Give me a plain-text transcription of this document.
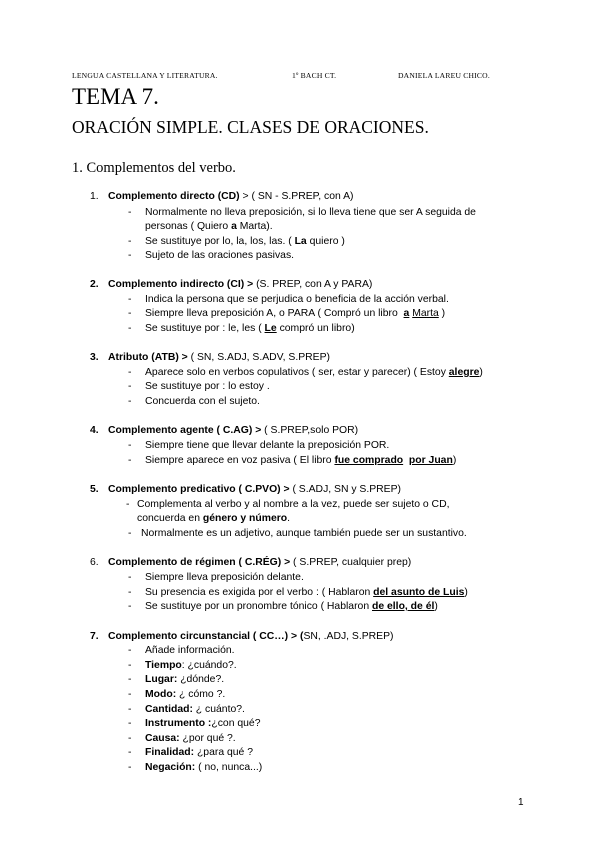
LENGUA CASTELLANA Y LITERATURA.	1º BACH CT.	DANIELA LAREU CHICO.
TEMA 7.
ORACIÓN SIMPLE. CLASES DE ORACIONES.
1. Complementos del verbo.
1. Complemento directo (CD) > ( SN - S.PREP, con A)
- Normalmente no lleva preposición, si lo lleva tiene que ser A seguida de
personas ( Quiero a Marta).
- Se sustituye por lo, la, los, las. ( La quiero )
- Sujeto de las oraciones pasivas.
2. Complemento indirecto (CI) > (S. PREP, con A y PARA)
- Indica la persona que se perjudica o beneficia de la acción verbal.
- Siempre lleva preposición A, o PARA ( Compró un libro  a Marta )
- Se sustituye por : le, les ( Le compró un libro)
3. Atributo (ATB) > ( SN, S.ADJ, S.ADV, S.PREP)
- Aparece solo en verbos copulativos ( ser, estar y parecer) ( Estoy alegre)
- Se sustituye por : lo estoy .
- Concuerda con el sujeto.
4. Complemento agente ( C.AG) > ( S.PREP,solo POR)
- Siempre tiene que llevar delante la preposición POR.
- Siempre aparece en voz pasiva ( El libro fue comprado por Juan)
5. Complemento predicativo ( C.PVO) > ( S.ADJ, SN y S.PREP)
- Complementa al verbo y al nombre a la vez, puede ser sujeto o CD,
concuerda en género y número.
- Normalmente es un adjetivo, aunque también puede ser un sustantivo.
6. Complemento de régimen ( C.RÉG) > ( S.PREP, cualquier prep)
- Siempre lleva preposición delante.
- Su presencia es exigida por el verbo : ( Hablaron del asunto de Luis)
- Se sustituye por un pronombre tónico ( Hablaron de ello, de él)
7. Complemento circunstancial ( CC…) > (SN, .ADJ, S.PREP)
- Añade información.
- Tiempo: ¿cuándo?.
- Lugar: ¿dónde?.
- Modo: ¿ cómo ?.
- Cantidad: ¿ cuánto?.
- Instrumento :¿con qué?
- Causa: ¿por qué ?.
- Finalidad: ¿para qué ?
- Negación: ( no, nunca...)
1
